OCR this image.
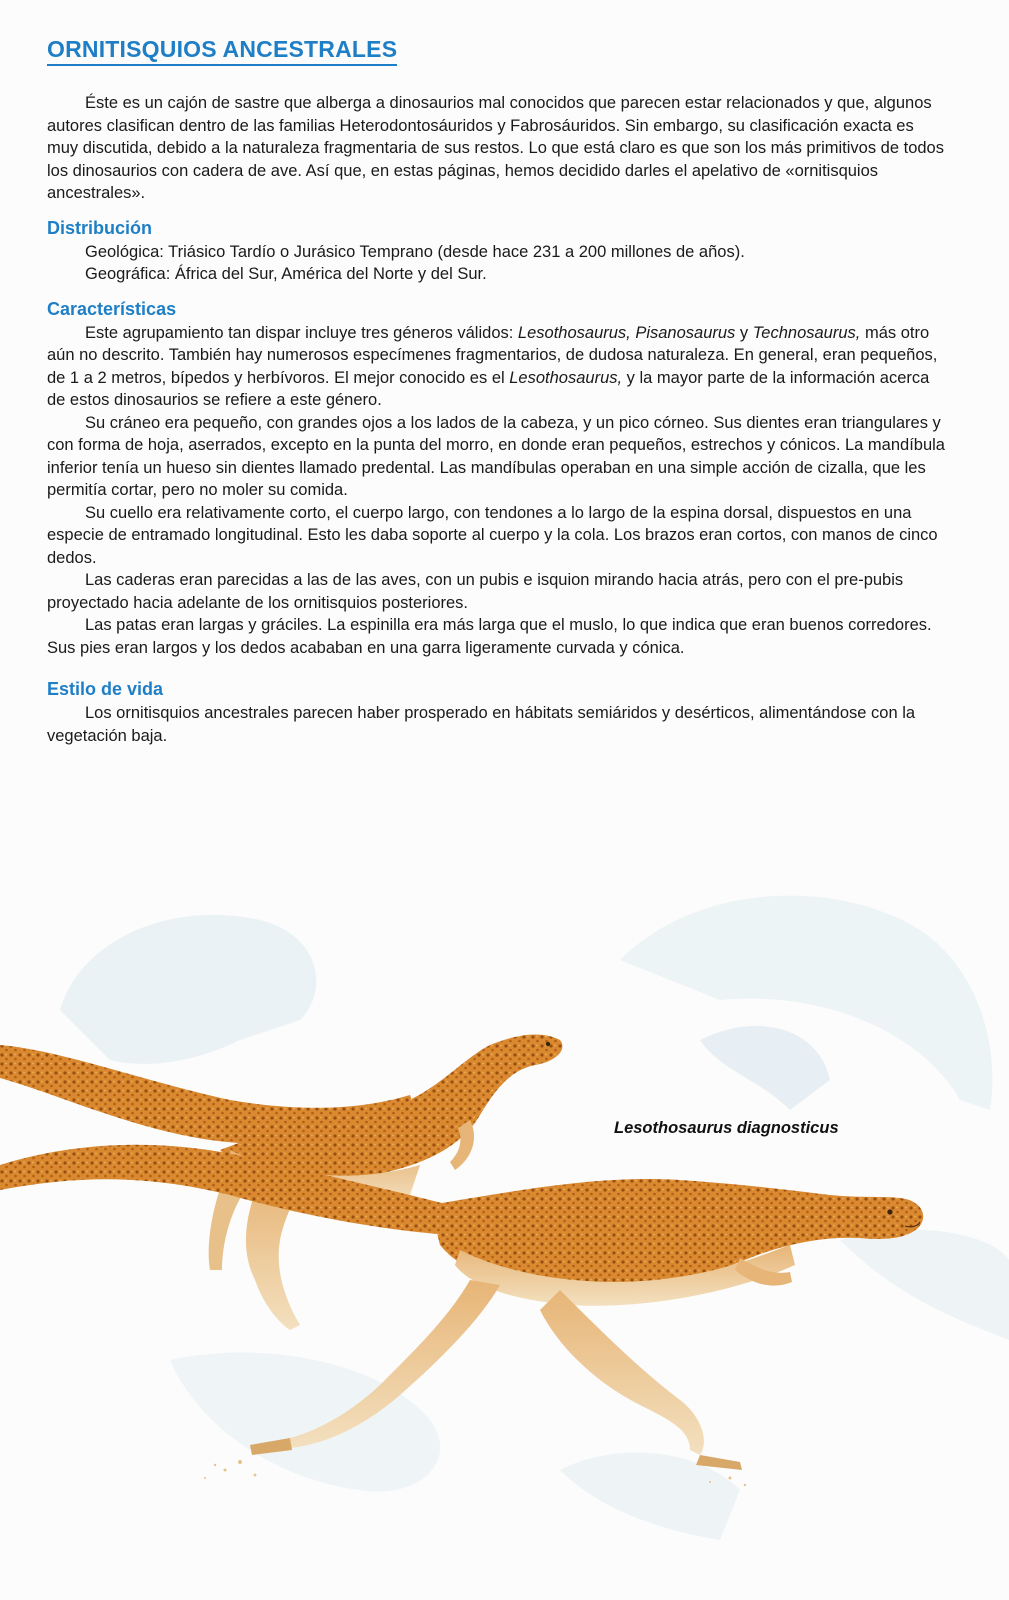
ORNITISQUIOS ANCESTRALES

Éste es un cajón de sastre que alberga a dinosaurios mal conocidos que parecen estar relacionados y que, algunos autores clasifican dentro de las familias Heterodontosáuridos y Fabrosáuridos. Sin embargo, su clasificación exacta es muy discutida, debido a la naturaleza fragmentaria de sus restos. Lo que está claro es que son los más primitivos de todos los dinosaurios con cadera de ave. Así que, en estas páginas, hemos decidido darles el apelativo de «ornitisquios ancestrales».

Distribución

Geológica: Triásico Tardío o Jurásico Temprano (desde hace 231 a 200 millones de años).

Geográfica: África del Sur, América del Norte y del Sur.

Características

Este agrupamiento tan dispar incluye tres géneros válidos: Lesothosaurus, Pisanosaurus y Technosaurus, más otro aún no descrito. También hay numerosos especímenes fragmentarios, de dudosa naturaleza. En general, eran pequeños, de 1 a 2 metros, bípedos y herbívoros. El mejor conocido es el Lesothosaurus, y la mayor parte de la información acerca de estos dinosaurios se refiere a este género.

Su cráneo era pequeño, con grandes ojos a los lados de la cabeza, y un pico córneo. Sus dientes eran triangulares y con forma de hoja, aserrados, excepto en la punta del morro, en donde eran pequeños, estrechos y cónicos. La mandíbula inferior tenía un hueso sin dientes llamado predental. Las mandíbulas operaban en una simple acción de cizalla, que les permitía cortar, pero no moler su comida.

Su cuello era relativamente corto, el cuerpo largo, con tendones a lo largo de la espina dorsal, dispuestos en una especie de entramado longitudinal. Esto les daba soporte al cuerpo y la cola. Los brazos eran cortos, con manos de cinco dedos.

Las caderas eran parecidas a las de las aves, con un pubis e isquion mirando hacia atrás, pero con el pre-pubis proyectado hacia adelante de los ornitisquios posteriores.

Las patas eran largas y gráciles. La espinilla era más larga que el muslo, lo que indica que eran buenos corredores. Sus pies eran largos y los dedos acababan en una garra ligeramente curvada y cónica.

Estilo de vida

Los ornitisquios ancestrales parecen haber prosperado en hábitats semiáridos y desérticos, alimentándose con la vegetación baja.

Lesothosaurus diagnosticus
